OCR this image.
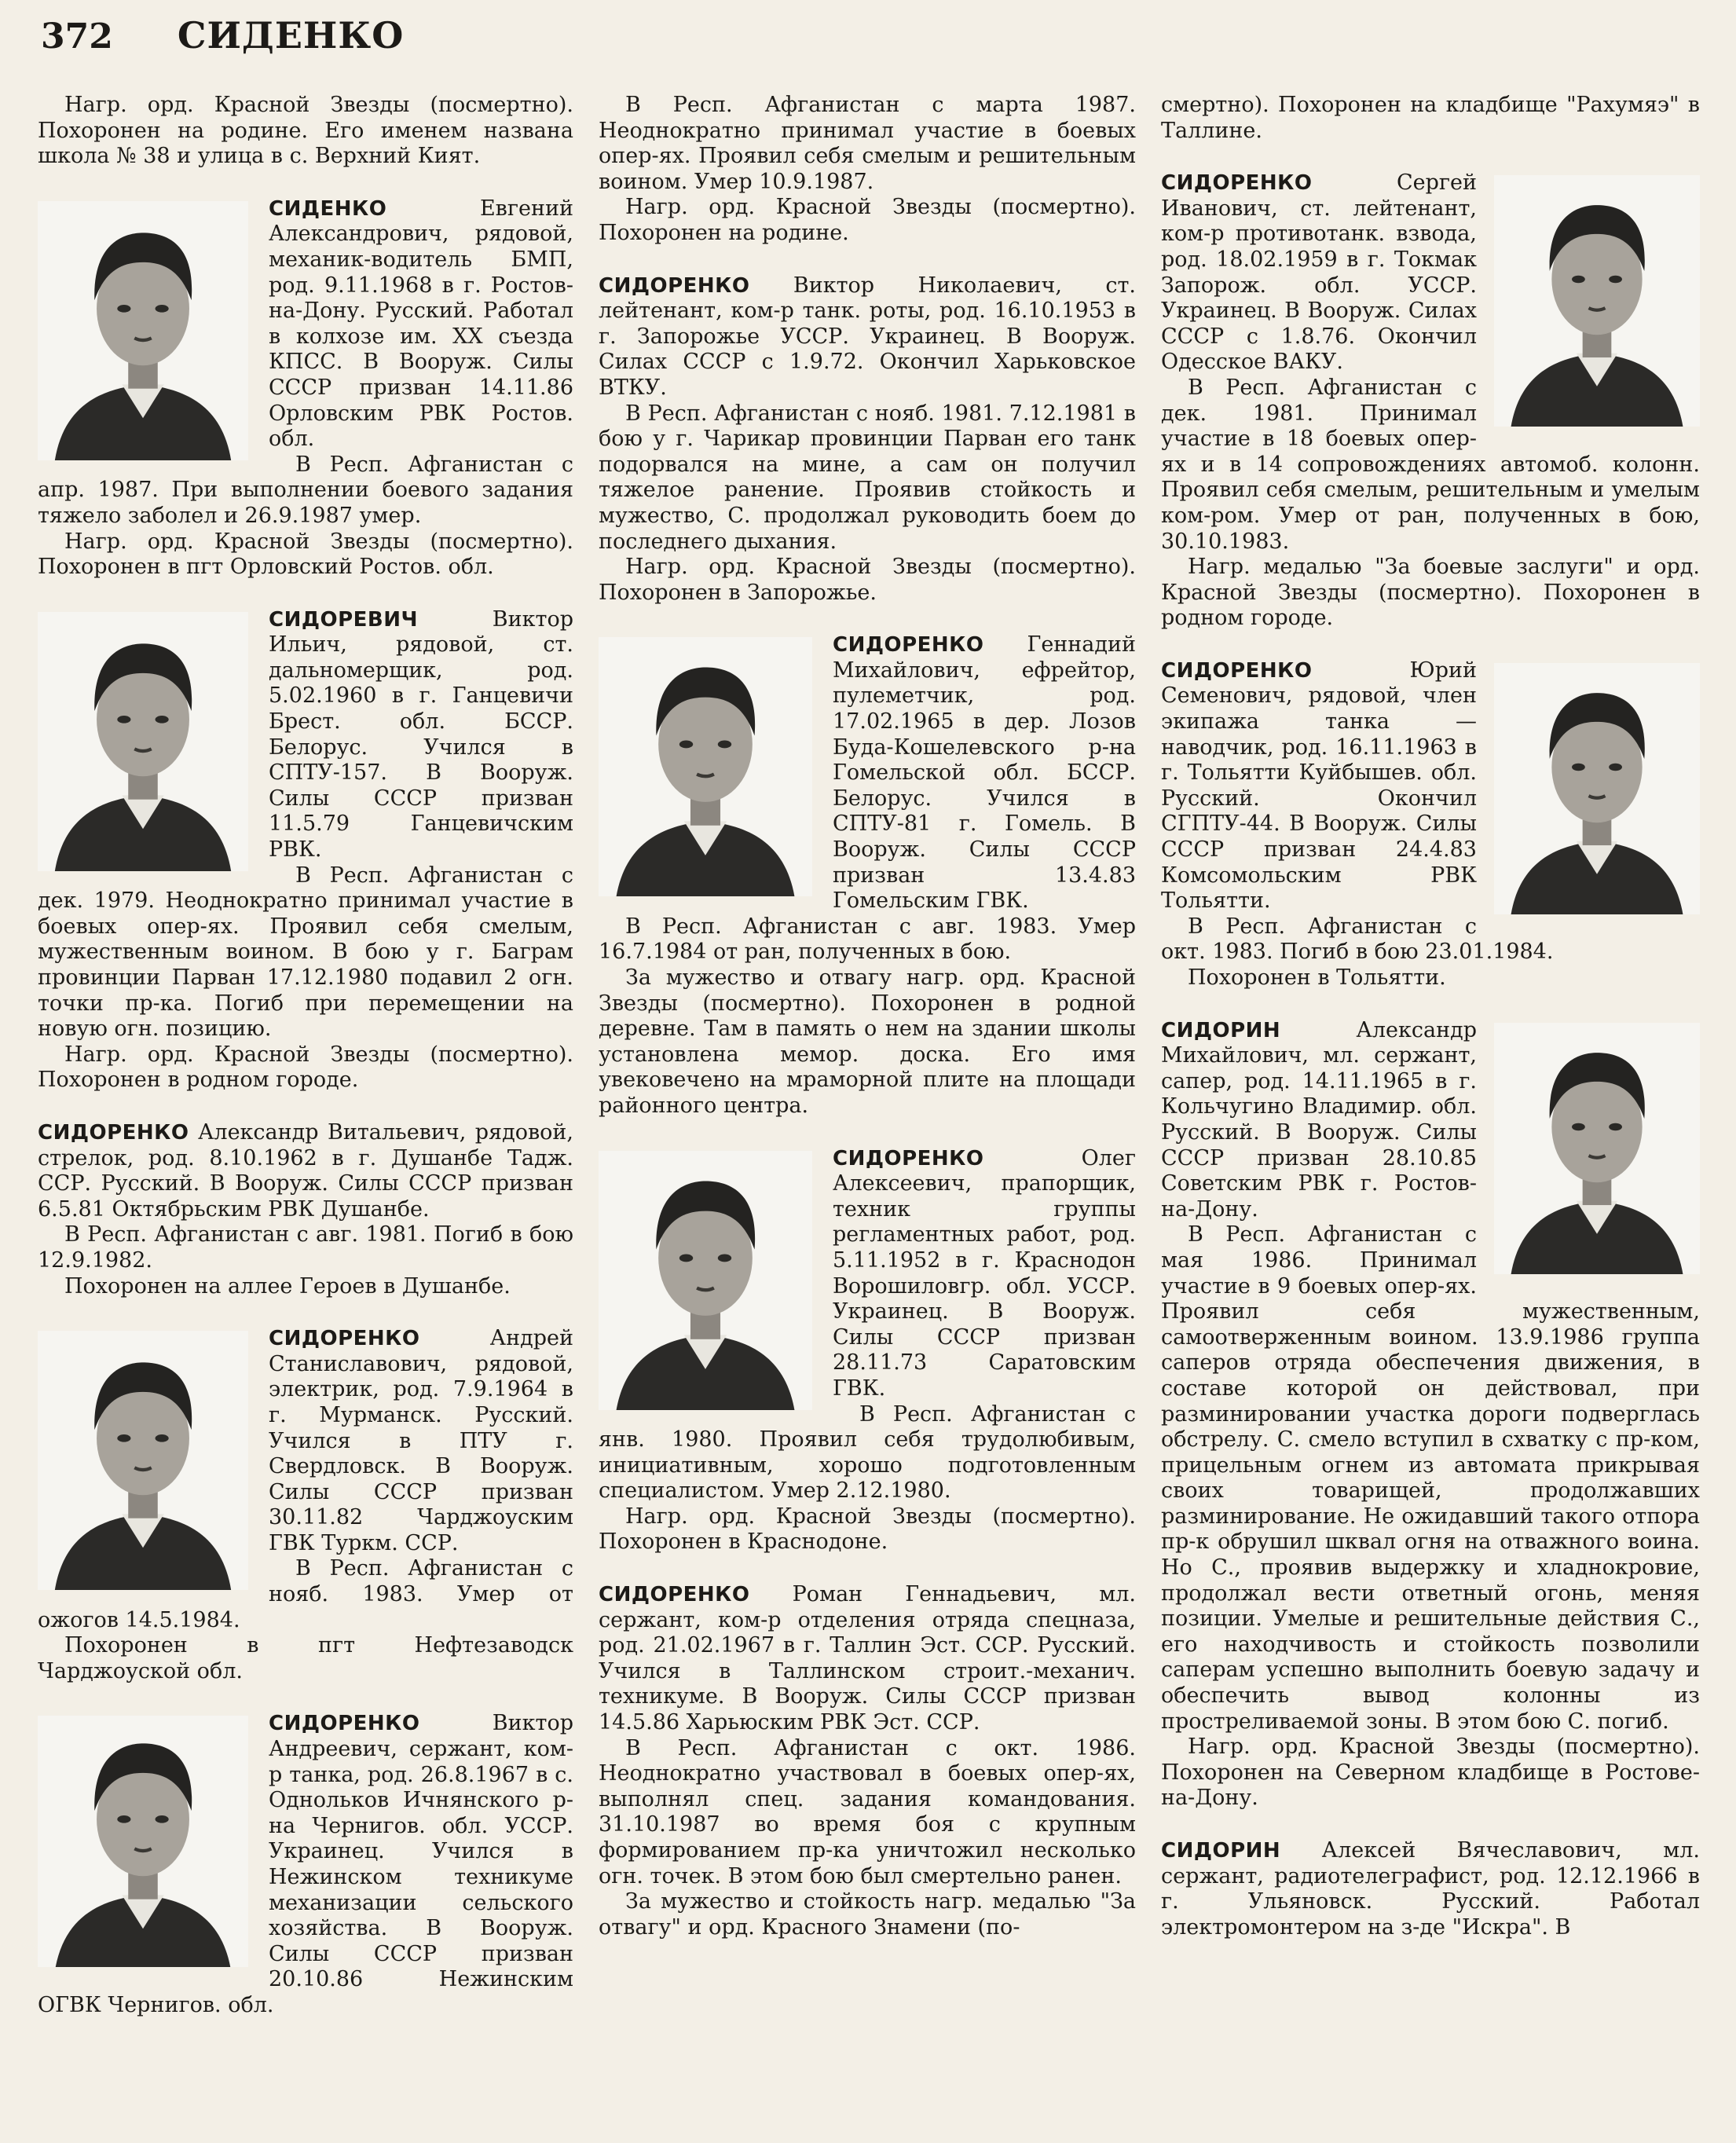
372 СИДЕНКО

Нагр. орд. Красной Звезды (посмертно). Похоронен на родине. Его именем названа школа № 38 и улица в с. Верхний Кият.

СИДЕНКО	Евгений Александрович, рядовой, механик-водитель БМП, род. 9.11.1968 в г. Ростов-на-Дону. Русский. Работал в колхозе им. XX съезда КПСС. В Вооруж. Силы СССР призван 14.11.86 Орловским РВК Ростов. обл.

В Респ. Афганистан с апр. 1987. При выполнении боевого задания тяжело заболел и 26.9.1987 умер.

Нагр. орд. Красной Звезды (посмертно). Похоронен в пгт Орловский Ростов. обл.

СИДОРЕВИЧ	Виктор Ильич, рядовой, ст. дальномерщик, род. 5.02.1960 в г. Ганцевичи Брест. обл. БССР. Белорус. Учился в СПТУ-157. В Вооруж. Силы СССР призван 11.5.79 Ганцевичским РВК.

В Респ. Афганистан с дек. 1979. Неоднократно принимал участие в боевых опер-ях. Проявил себя смелым, мужественным воином. В бою у г. Баграм провинции Парван 17.12.1980 подавил 2 огн. точки пр-ка. Погиб при перемещении на новую огн. позицию.

Нагр. орд. Красной Звезды (посмертно). Похоронен в родном городе.

СИДОРЕНКО Александр Витальевич, рядовой, стрелок, род. 8.10.1962 в г. Душанбе Тадж. ССР. Русский. В Вооруж. Силы СССР призван 6.5.81 Октябрьским РВК Душанбе.

В Респ. Афганистан с авг. 1981. Погиб в бою 12.9.1982.

Похоронен на аллее Героев в Душанбе.

СИДОРЕНКО	Андрей Станиславович, рядовой, электрик, род. 7.9.1964 в г. Мурманск. Русский. Учился в ПТУ г. Свердловск. В Вооруж. Силы СССР призван 30.11.82 Чарджоуским ГВК Туркм. ССР.

В Респ. Афганистан с нояб. 1983. Умер от ожогов 14.5.1984.

Похоронен в пгт Нефтезаводск Чарджоуской обл.

СИДОРЕНКО	Виктор Андреевич, сержант, ком-р танка, род. 26.8.1967 в с. Однольков Ичнянского р-на Чернигов. обл. УССР. Украинец. Учился в Нежинском техникуме механизации сельского хозяйства. В Вооруж. Силы СССР призван 20.10.86 Нежинским ОГВК Чернигов. обл.

В Респ. Афганистан с марта 1987. Неоднократно принимал участие в боевых опер-ях. Проявил себя смелым и решительным воином. Умер 10.9.1987.

Нагр. орд. Красной Звезды (посмертно). Похоронен на родине.

СИДОРЕНКО Виктор Николаевич, ст. лейтенант, ком-р танк. роты, род. 16.10.1953 в г. Запорожье УССР. Украинец. В Вооруж. Силах СССР с 1.9.72. Окончил Харьковское ВТКУ.

В Респ. Афганистан с нояб. 1981. 7.12.1981 в бою у г. Чарикар провинции Парван его танк подорвался на мине, а сам он получил тяжелое ранение. Проявив стойкость и мужество, С. продолжал руководить боем до последнего дыхания.

Нагр. орд. Красной Звезды (посмертно). Похоронен в Запорожье.

СИДОРЕНКО Геннадий Михайлович, ефрейтор, пулеметчик, род. 17.02.1965 в дер. Лозов Буда-Кошелевского р-на Гомельской обл. БССР. Белорус. Учился в СПТУ-81 г. Гомель. В Вооруж. Силы СССР призван 13.4.83 Гомельским ГВК.

В Респ. Афганистан с авг. 1983. Умер 16.7.1984 от ран, полученных в бою.

За мужество и отвагу нагр. орд. Красной Звезды (посмертно). Похоронен в родной деревне. Там в память о нем на здании школы установлена мемор. доска. Его имя увековечено на мраморной плите на площади районного центра.

СИДОРЕНКО	Олег Алексеевич, прапорщик, техник группы регламентных работ, род. 5.11.1952 в г. Краснодон Ворошиловгр. обл. УССР. Украинец. В Вооруж. Силы СССР призван 28.11.73 Саратовским ГВК.

В Респ. Афганистан с янв. 1980. Проявил себя трудолюбивым, инициативным, хорошо подготовленным специалистом. Умер 2.12.1980.

Нагр. орд. Красной Звезды (посмертно). Похоронен в Краснодоне.

СИДОРЕНКО Роман Геннадьевич, мл. сержант, ком-р отделения отряда спецназа, род. 21.02.1967 в г. Таллин Эст. ССР. Русский. Учился в Таллинском строит.-механич. техникуме. В Вооруж. Силы СССР призван 14.5.86 Харьюским РВК Эст. ССР.

В Респ. Афганистан с окт. 1986. Неоднократно участвовал в боевых опер-ях, выполнял спец. задания командования. 31.10.1987 во время боя с крупным формированием пр-ка уничтожил несколько огн. точек. В этом бою был смертельно ранен.

За мужество и стойкость нагр. медалью "За отвагу" и орд. Красного Знамени (по-

смертно). Похоронен на кладбище "Рахумяэ" в Таллине.

СИДОРЕНКО	Сергей Иванович, ст. лейтенант, ком-р противотанк. взвода, род. 18.02.1959 в г. Токмак Запорож. обл. УССР. Украинец. В Вооруж. Силах СССР с 1.8.76. Окончил Одесское ВАКУ.

В Респ. Афганистан с дек. 1981. Принимал участие в 18 боевых опер-ях и в 14 сопровождениях автомоб. колонн. Проявил себя смелым, решительным и умелым ком-ром. Умер от ран, полученных в бою, 30.10.1983.

Нагр. медалью "За боевые заслуги" и орд. Красной Звезды (посмертно). Похоронен в родном городе.

СИДОРЕНКО	Юрий Семенович, рядовой, член экипажа танка — наводчик, род. 16.11.1963 в г. Тольятти Куйбышев. обл. Русский. Окончил СГПТУ-44. В Вооруж. Силы СССР призван 24.4.83 Комсомольским РВК Тольятти.

В Респ. Афганистан с окт. 1983. Погиб в бою 23.01.1984.

Похоронен в Тольятти.

СИДОРИН	Александр Михайлович, мл. сержант, сапер, род. 14.11.1965 в г. Кольчугино Владимир. обл. Русский. В Вооруж. Силы СССР призван 28.10.85 Советским РВК г. Ростов-на-Дону.

В Респ. Афганистан с мая 1986. Принимал участие в 9 боевых опер-ях. Проявил себя мужественным, самоотверженным воином. 13.9.1986 группа саперов отряда обеспечения движения, в составе которой он действовал, при разминировании участка дороги подверглась обстрелу. С. смело вступил в схватку с пр-ком, прицельным огнем из автомата прикрывая своих товарищей, продолжавших разминирование. Не ожидавший такого отпора пр-к обрушил шквал огня на отважного воина. Но С., проявив выдержку и хладнокровие, продолжал вести ответный огонь, меняя позиции. Умелые и решительные действия С., его находчивость и стойкость позволили саперам успешно выполнить боевую задачу и обеспечить вывод колонны из простреливаемой зоны. В этом бою С. погиб.

Нагр. орд. Красной Звезды (посмертно). Похоронен на Северном кладбище в Ростове-на-Дону.

СИДОРИН Алексей Вячеславович, мл. сержант, радиотелеграфист, род. 12.12.1966 в г. Ульяновск. Русский. Работал электромонтером на з-де "Искра". В
